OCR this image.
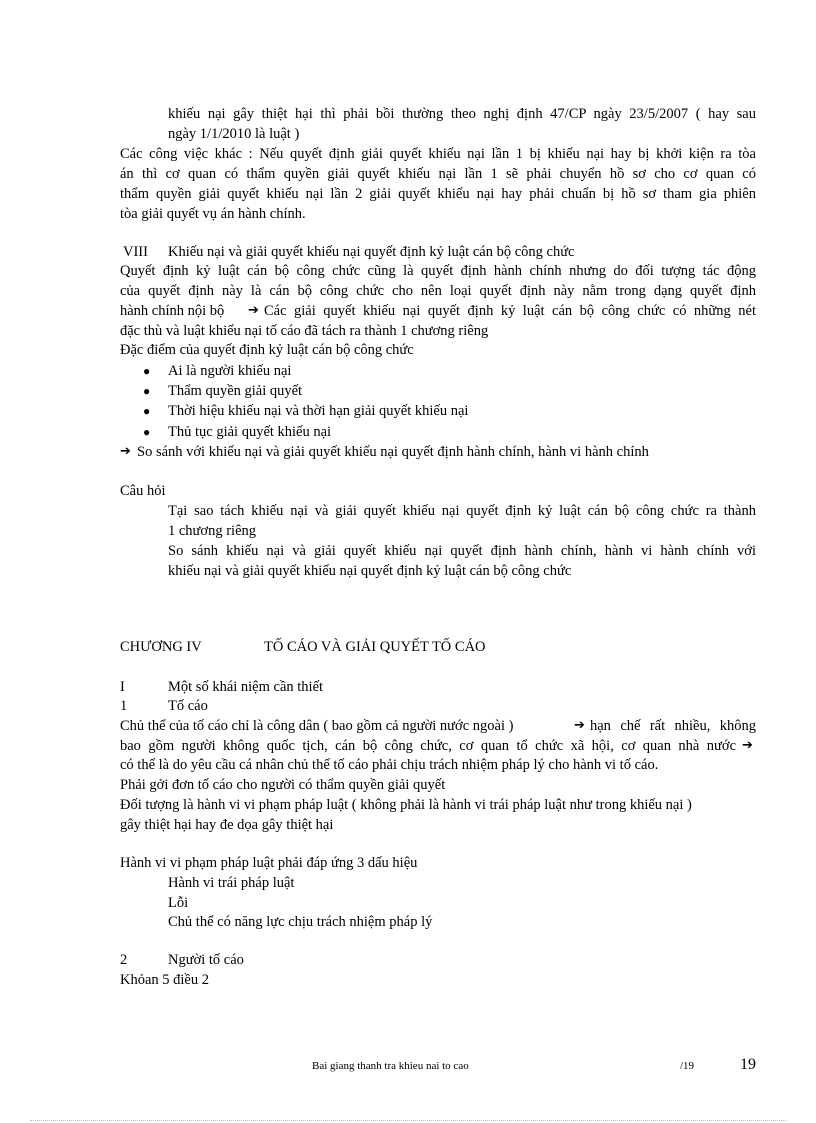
khiếu nại gây thiệt hại thì phải bồi thường theo nghị định 47/CP ngày 23/5/2007 ( hay sau
ngày 1/1/2010 là luật )
Các công việc khác : Nếu quyết định giải quyết khiếu nại lần 1 bị khiếu nại hay bị khởi kiện ra tòa
án thì cơ quan có thẩm quyền giải quyết khiếu nại lần 1 sẽ phải chuyển hồ sơ cho cơ quan có
thẩm quyền giải quyết khiếu nại lần 2 giải quyết khiếu nại hay phải chuẩn bị hồ sơ tham gia phiên
tòa giải quyết vụ án hành chính.
VIII Khiếu nại và giải quyết khiếu nại quyết định kỷ luật cán bộ công chức
Quyết định kỷ luật cán bộ công chức cũng là quyết định hành chính nhưng do đối tượng tác động
của quyết định này là cán bộ công chức cho nên loại quyết định này nằm trong dạng quyết định
hành chính nội bộ ➔ Các giải quyết khiếu nại quyết định kỷ luật cán bộ công chức có những nét
đặc thù và luật khiếu nại tố cáo đã tách ra thành 1 chương riêng
Đặc điểm của quyết định kỷ luật cán bộ công chức
● Ai là người khiếu nại
● Thẩm quyền giải quyết
● Thời hiệu khiếu nại và thời hạn giải quyết khiếu nại
● Thủ tục giải quyết khiếu nại
➔ So sánh với khiếu nại và giải quyết khiếu nại quyết định hành chính, hành vi hành chính
Câu hỏi
Tại sao tách khiếu nại và giải quyết khiếu nại quyết định kỷ luật cán bộ công chức ra thành
1 chương riêng
So sánh khiếu nại và giải quyết khiếu nại quyết định hành chính, hành vi hành chính với
khiếu nại và giải quyết khiếu nại quyết định kỷ luật cán bộ công chức
CHƯƠNG IV	TỐ CÁO VÀ GIẢI QUYẾT TỐ CÁO
I	Một số khái niệm cần thiết
1	Tố cáo
Chủ thể của tố cáo chỉ là công dân ( bao gồm cả người nước ngoài )	➔ hạn chế rất nhiều, không
bao gồm người không quốc tịch, cán bộ công chức, cơ quan tổ chức xã hội, cơ quan nhà nước ➔
có thể là do yêu cầu cá nhân chủ thể tố cáo phải chịu trách nhiệm pháp lý cho hành vi tố cáo.
Phải gởi đơn tố cáo cho người có thẩm quyền giải quyết
Đối tượng là hành vi vi phạm pháp luật ( không phải là hành vi trái pháp luật như trong khiếu nại )
gây thiệt hại hay đe dọa gây thiệt hại
Hành vi vi phạm pháp luật phải đáp ứng 3 dấu hiệu
Hành vi trái pháp luật
Lỗi
Chủ thể có năng lực chịu trách nhiệm pháp lý
2	Người tố cáo
Khỏan 5 điều 2
Bai giang thanh tra khieu nai to cao	/19	19
